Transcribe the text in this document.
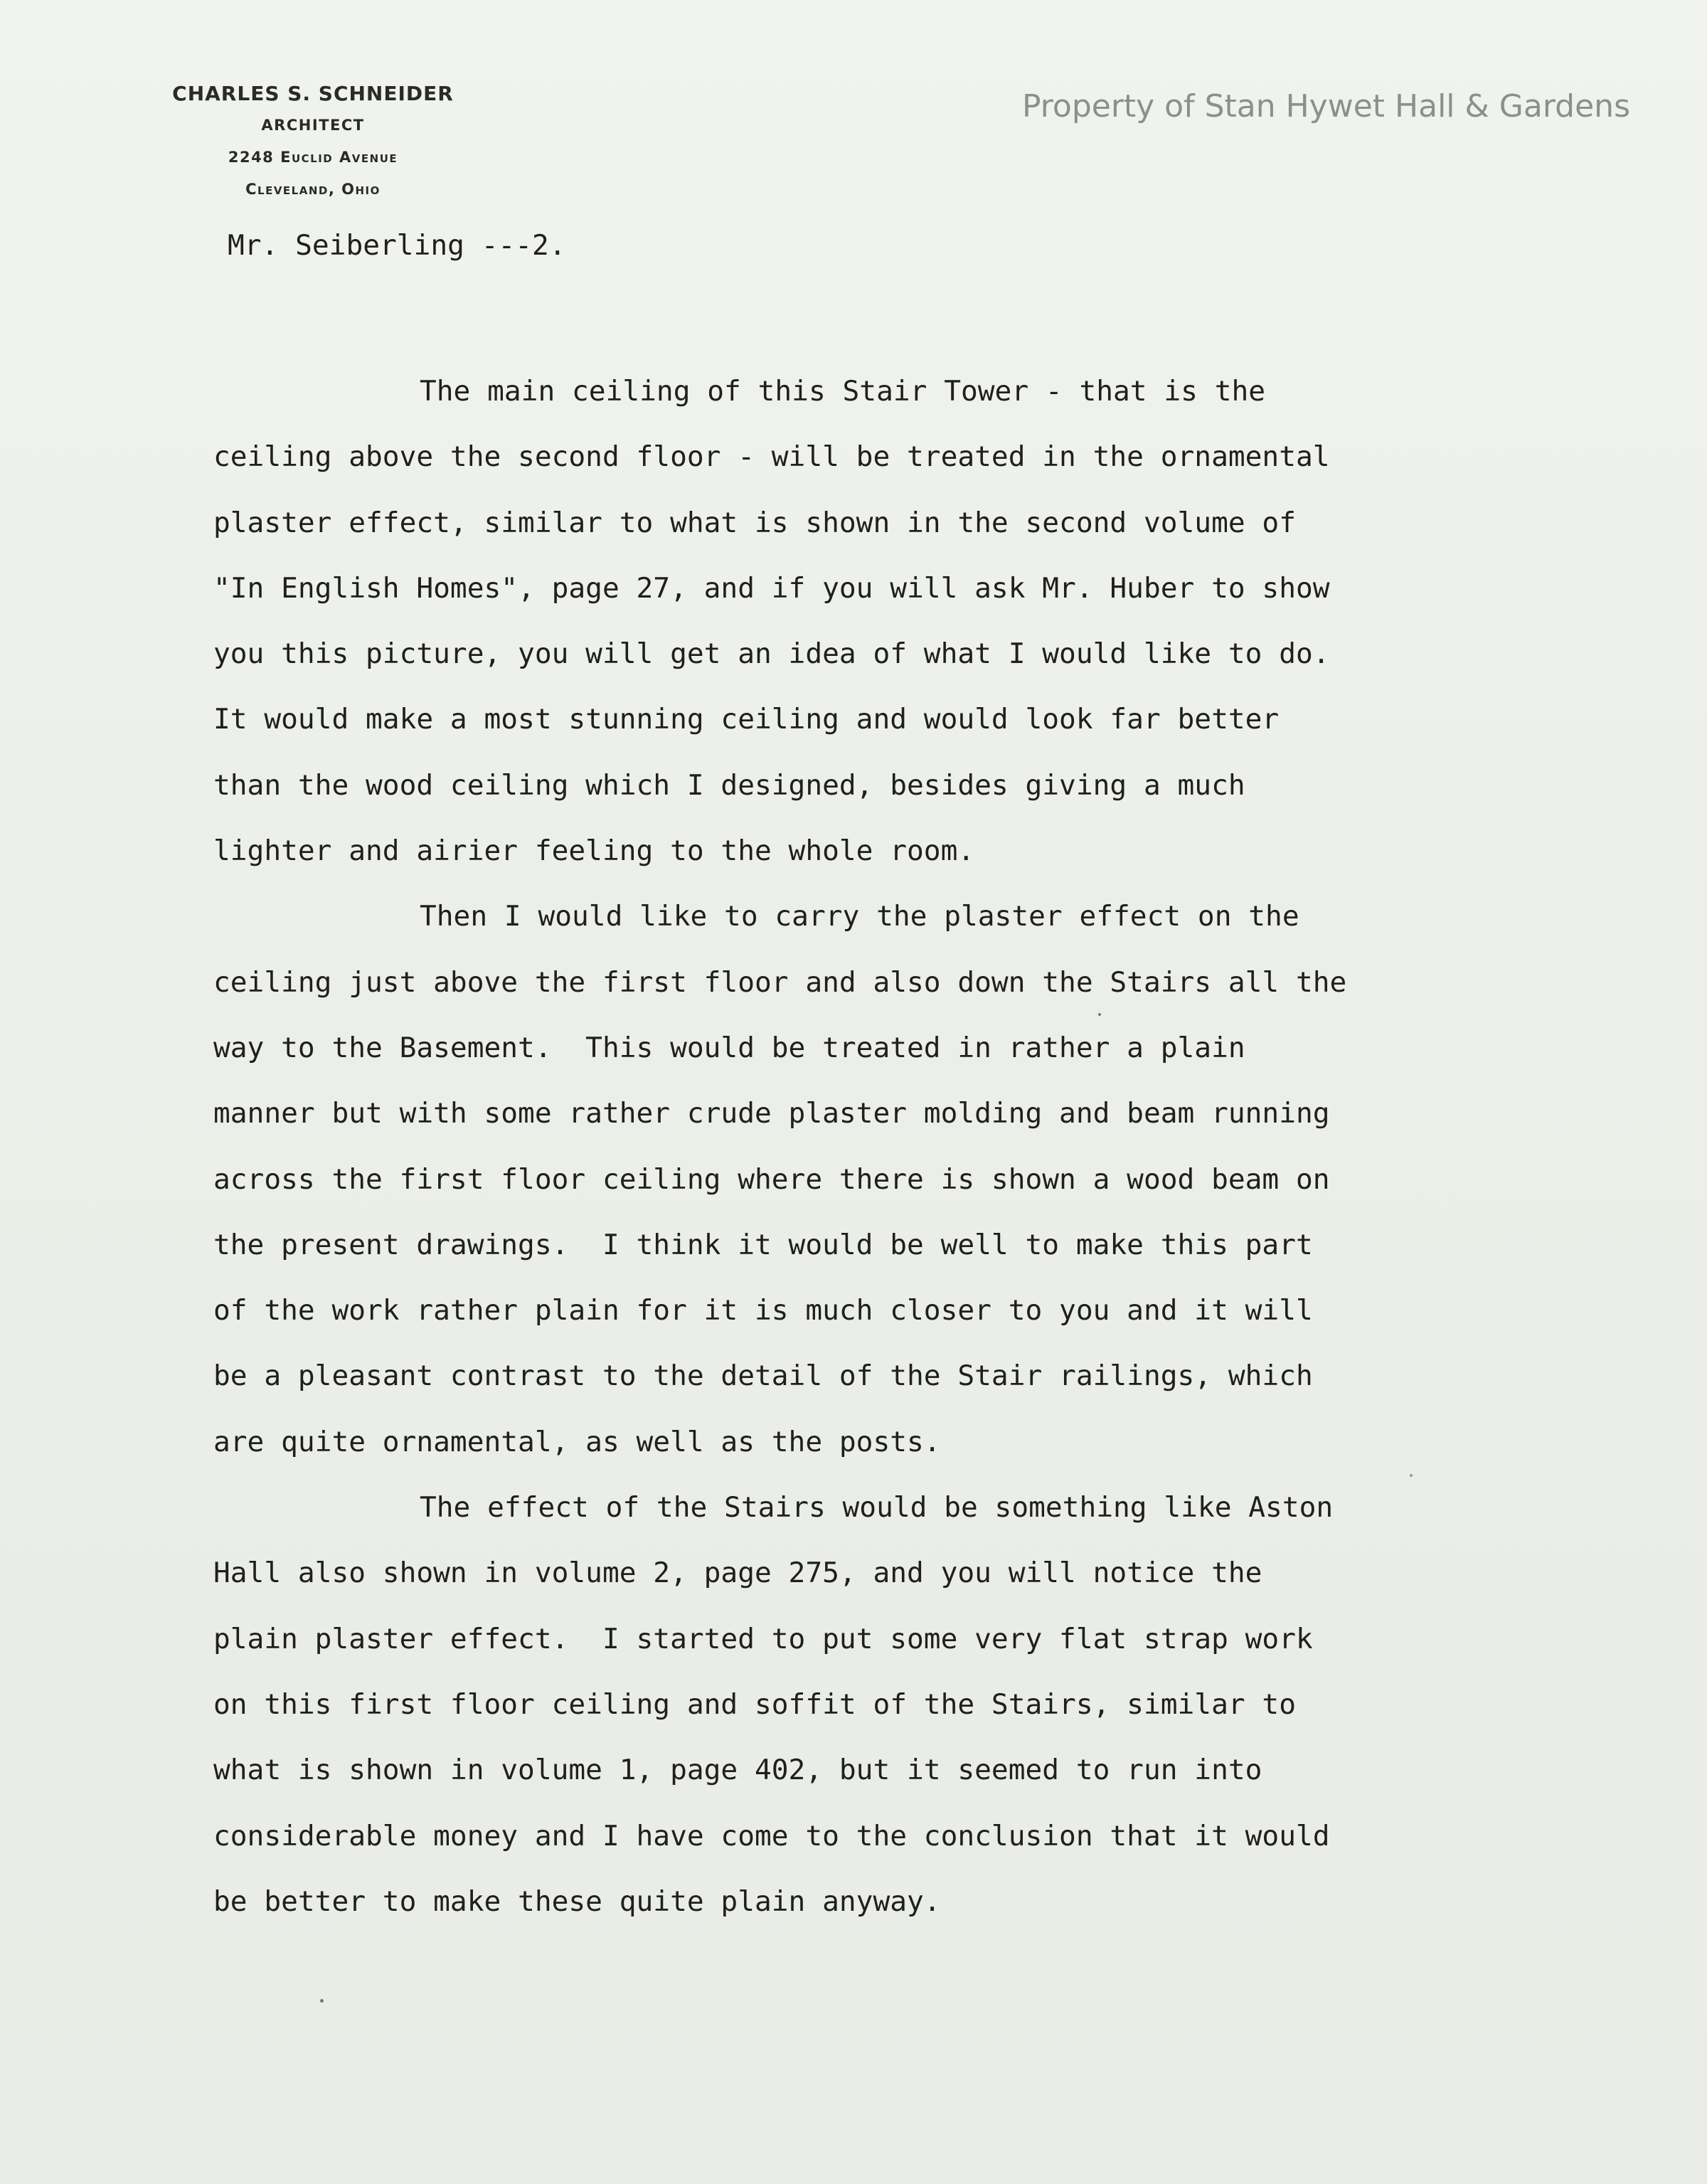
CHARLES S. SCHNEIDER
ARCHITECT
2248 Euclid Avenue
Cleveland, Ohio
Property of Stan Hywet Hall & Gardens
Mr. Seiberling ---2.
The main ceiling of this Stair Tower - that is the
ceiling above the second floor - will be treated in the ornamental
plaster effect, similar to what is shown in the second volume of
"In English Homes", page 27, and if you will ask Mr. Huber to show
you this picture, you will get an idea of what I would like to do.
It would make a most stunning ceiling and would look far better
than the wood ceiling which I designed, besides giving a much
lighter and airier feeling to the whole room.
Then I would like to carry the plaster effect on the
ceiling just above the first floor and also down the Stairs all the
way to the Basement.  This would be treated in rather a plain
manner but with some rather crude plaster molding and beam running
across the first floor ceiling where there is shown a wood beam on
the present drawings.  I think it would be well to make this part
of the work rather plain for it is much closer to you and it will
be a pleasant contrast to the detail of the Stair railings, which
are quite ornamental, as well as the posts.
The effect of the Stairs would be something like Aston
Hall also shown in volume 2, page 275, and you will notice the
plain plaster effect.  I started to put some very flat strap work
on this first floor ceiling and soffit of the Stairs, similar to
what is shown in volume 1, page 402, but it seemed to run into
considerable money and I have come to the conclusion that it would
be better to make these quite plain anyway.
